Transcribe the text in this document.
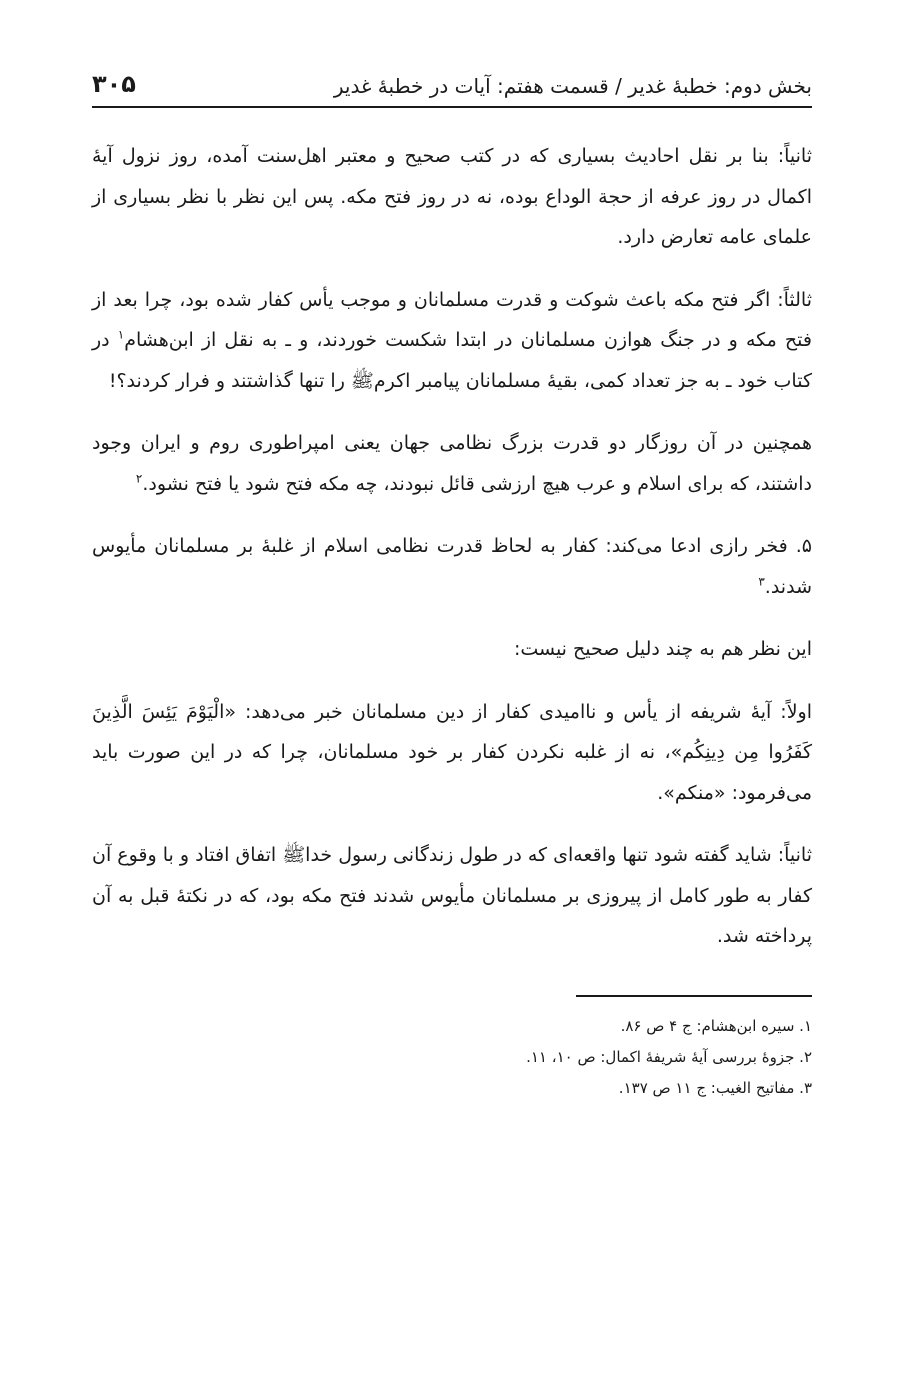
بخش دوم: خطبهٔ غدیر / قسمت هفتم: آیات در خطبهٔ غدیر
۳۰۵

ثانیاً: بنا بر نقل احادیث بسیاری که در کتب صحیح و معتبر اهل‌سنت آمده، روز نزول آیهٔ اکمال در روز عرفه از حجة الوداع بوده، نه در روز فتح مکه. پس این نظر با نظر بسیاری از علمای عامه تعارض دارد.

ثالثاً: اگر فتح مکه باعث شوکت و قدرت مسلمانان و موجب یأس کفار شده بود، چرا بعد از فتح مکه و در جنگ هوازن مسلمانان در ابتدا شکست خوردند، و ـ به نقل از ابن‌هشام$^۱$ در کتاب خود ـ به جز تعداد کمی، بقیهٔ مسلمانان پیامبر اکرمﷺ را تنها گذاشتند و فرار کردند؟!

همچنین در آن روزگار دو قدرت بزرگ نظامی جهان یعنی امپراطوری روم و ایران وجود داشتند، که برای اسلام و عرب هیچ ارزشی قائل نبودند، چه مکه فتح شود یا فتح نشود.$^۲$

۵. فخر رازی ادعا می‌کند: کفار به لحاظ قدرت نظامی اسلام از غلبهٔ بر مسلمانان مأیوس شدند.$^۳$

این نظر هم به چند دلیل صحیح نیست:

اولاً: آیهٔ شریفه از یأس و ناامیدی کفار از دین مسلمانان خبر می‌دهد: «الْیَوْمَ یَئِسَ الَّذِینَ کَفَرُوا مِن دِینِکُم»، نه از غلبه نکردن کفار بر خود مسلمانان، چرا که در این صورت باید می‌فرمود: «منکم».

ثانیاً: شاید گفته شود تنها واقعه‌ای که در طول زندگانی رسول خداﷺ اتفاق افتاد و با وقوع آن کفار به طور کامل از پیروزی بر مسلمانان مأیوس شدند فتح مکه بود، که در نکتهٔ قبل به آن پرداخته شد.

۱. سیره ابن‌هشام: ج ۴ ص ۸۶.
۲. جزوهٔ بررسی آیهٔ شریفهٔ اکمال: ص ۱۰، ۱۱.
۳. مفاتیح الغیب: ج ۱۱ ص ۱۳۷.
